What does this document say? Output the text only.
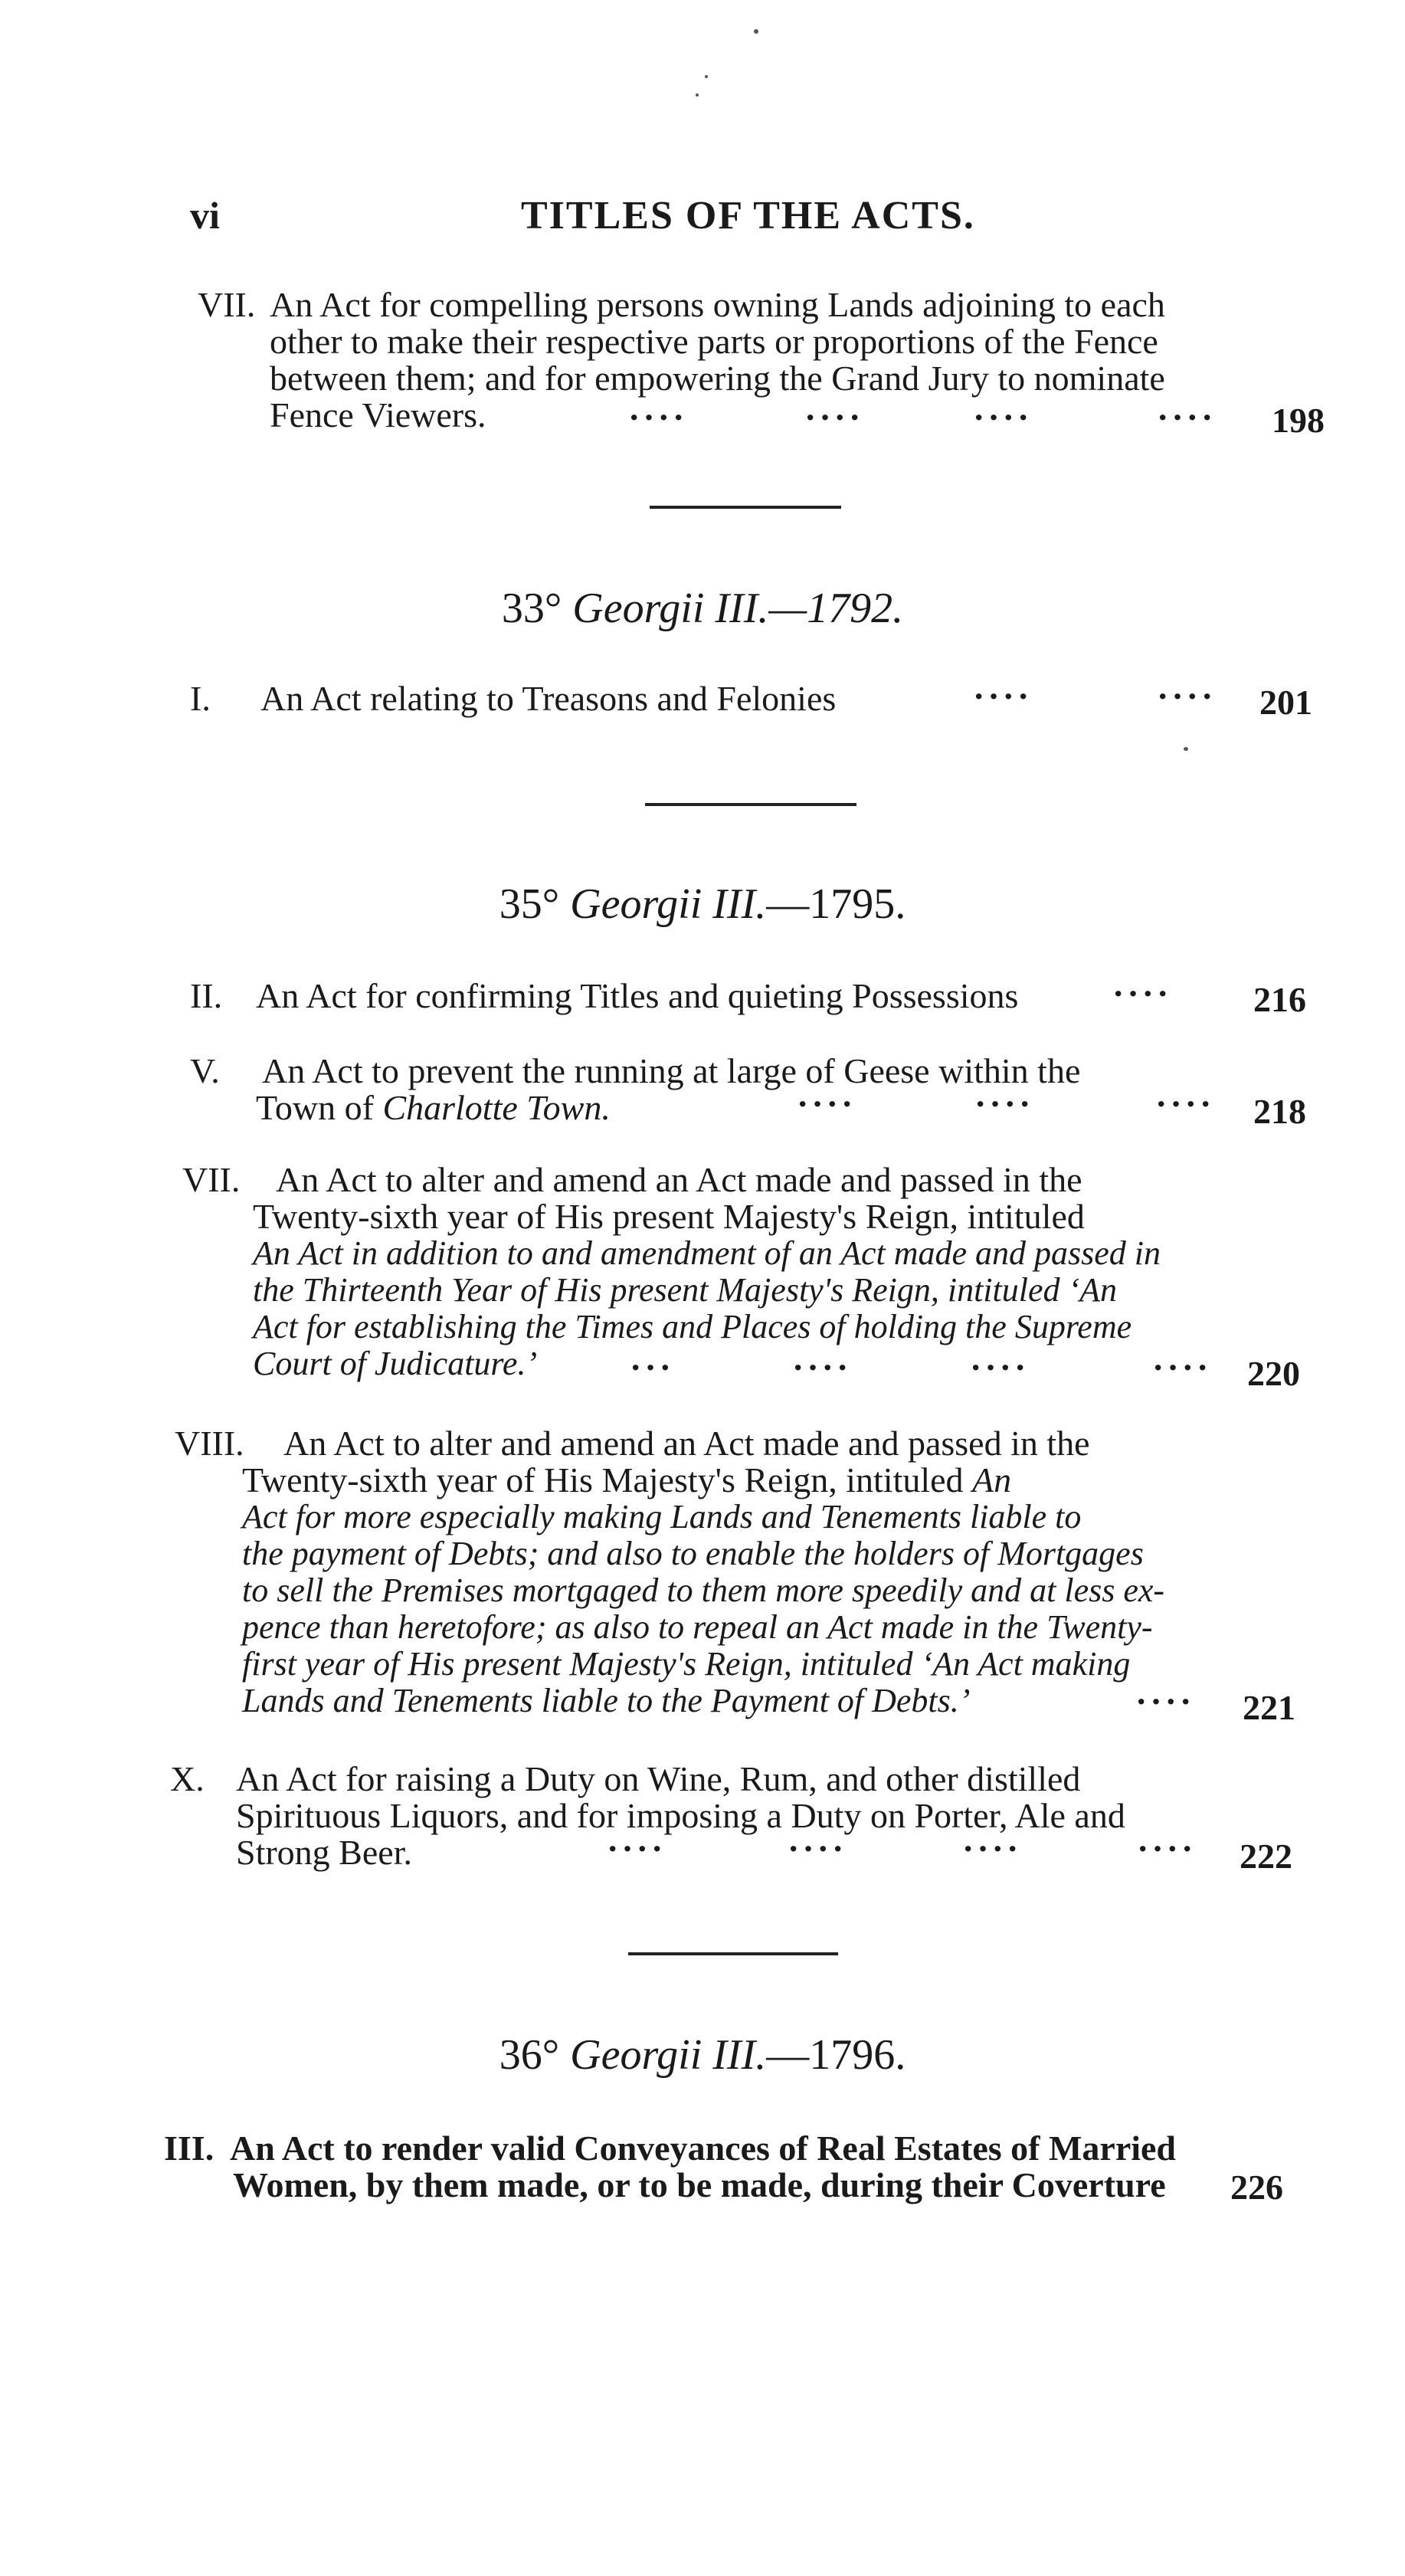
vi	TITLES OF THE ACTS.
VII. An Act for compelling persons owning Lands adjoining to each
other to make their respective parts or proportions of the Fence
between them; and for empowering the Grand Jury to nominate
Fence Viewers.	····	····	····	···· 198
33° Georgii III.—1792.
I. An Act relating to Treasons and Felonies	····	···· 201
35° Georgii III.—1795.
II. An Act for confirming Titles and quieting Possessions	···· 216
V. An Act to prevent the running at large of Geese within the
Town of Charlotte Town.	····	····	···· 218
VII. An Act to alter and amend an Act made and passed in the
Twenty-sixth year of His present Majesty's Reign, intituled
An Act in addition to and amendment of an Act made and passed in
the Thirteenth Year of His present Majesty's Reign, intituled ‘An
Act for establishing the Times and Places of holding the Supreme
Court of Judicature.’	···	····	····	···· 220
VIII. An Act to alter and amend an Act made and passed in the
Twenty-sixth year of His Majesty's Reign, intituled An
Act for more especially making Lands and Tenements liable to
the payment of Debts; and also to enable the holders of Mortgages
to sell the Premises mortgaged to them more speedily and at less ex-
pence than heretofore; as also to repeal an Act made in the Twenty-
first year of His present Majesty's Reign, intituled ‘An Act making
Lands and Tenements liable to the Payment of Debts.’	···· 221
X. An Act for raising a Duty on Wine, Rum, and other distilled
Spirituous Liquors, and for imposing a Duty on Porter, Ale and
Strong Beer.	····	····	····	···· 222
36° Georgii III.—1796.
III. An Act to render valid Conveyances of Real Estates of Married
Women, by them made, or to be made, during their Coverture 226
